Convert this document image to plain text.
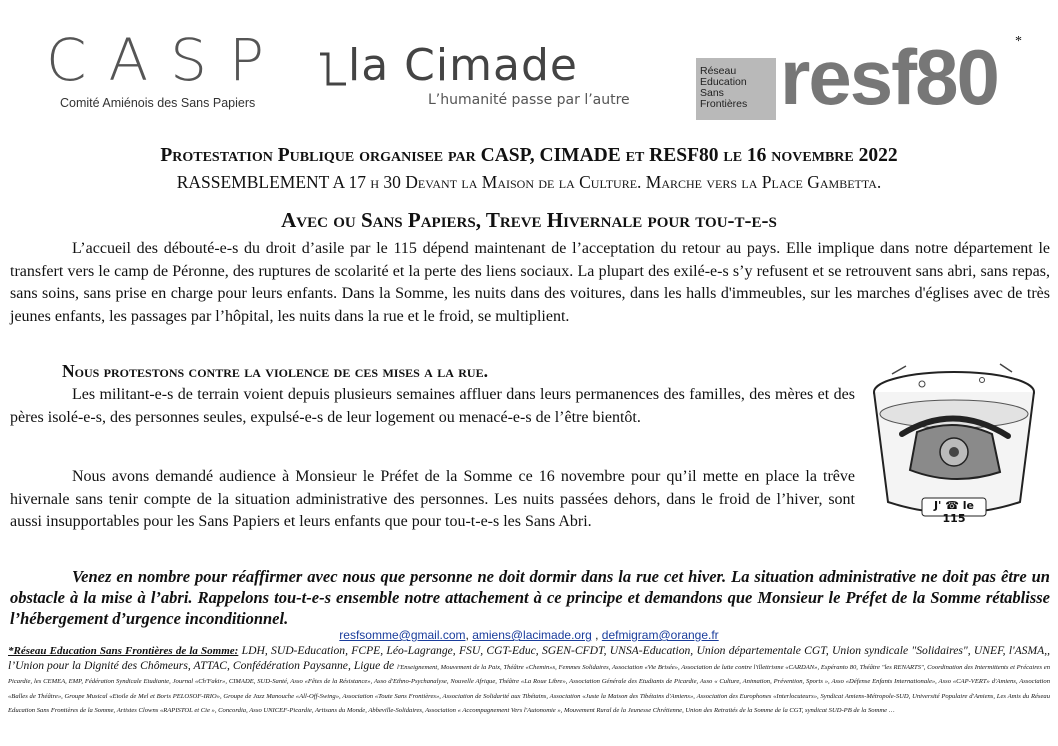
CASP
Comité Amiénois des Sans Papiers
la Cimade
L’humanité passe par l’autre
Réseau
Education
Sans
Frontières resf80 *
Protestation Publique organisee par CASP, CIMADE et RESF80 le 16 novembre 2022
RASSEMBLEMENT A 17 h 30 Devant la Maison de la Culture. Marche vers la Place Gambetta.
Avec ou Sans Papiers, Treve Hivernale pour tou-t-e-s
L’accueil des débouté-e-s du droit d’asile par le 115 dépend maintenant de l’acceptation du retour au pays. Elle implique dans notre département le transfert vers le camp de Péronne, des ruptures de scolarité et la perte des liens sociaux. La plupart des exilé-e-s s’y refusent et se retrouvent sans abri, sans repas, sans soins, sans prise en charge pour leurs enfants. Dans la Somme, les nuits dans des voitures, dans les halls d'immeubles, sur les marches d'églises avec de très jeunes enfants, les passages par l’hôpital, les nuits dans la rue et le froid, se multiplient.
Nous protestons contre la violence de ces mises a la rue.
Les militant-e-s de terrain voient depuis plusieurs semaines affluer dans leurs permanences des familles, des mères et des pères isolé-e-s, des personnes seules, expulsé-e-s de leur logement ou menacé-e-s de l’être bientôt.
Nous avons demandé audience à Monsieur le Préfet de la Somme ce 16 novembre pour qu’il mette en place la trêve hivernale sans tenir compte de la situation administrative des personnes. Les nuits passées dehors, dans le froid de l’hiver, sont aussi insupportables pour les Sans Papiers et leurs enfants que pour tou-t-e-s les Sans Abri.
J' ☎ le 115
Venez en nombre pour réaffirmer avec nous que personne ne doit dormir dans la rue cet hiver. La situation administrative ne doit pas être un obstacle à la mise à l’abri. Rappelons tou-t-e-s ensemble notre attachement à ce principe et demandons que Monsieur le Préfet de la Somme rétablisse l’hébergement d’urgence inconditionnel.
resfsomme@gmail.com, amiens@lacimade.org , defmigram@orange.fr
*Réseau Education Sans Frontières de la Somme: LDH, SUD-Education, FCPE, Léo-Lagrange, FSU, CGT-Educ, SGEN-CFDT, UNSA-Education, Union départementale CGT, Union syndicale "Solidaires", UNEF, l'ASMA,, l’Union pour la Dignité des Chômeurs, ATTAC, Confédération Paysanne, Ligue de l'Enseignement, Mouvement de la Paix, Théâtre «Chemin»s, Femmes Solidaires, Association «Vie Brisée», Association de lutte contre l'illettrisme «CARDAN», Espéranto 80, Théâtre "les RENARTS", Coordination des Intermittents et Précaires en Picardie, les CEMEA, EMP, Fédération Syndicale Etudiante, Journal «Ch'Fakir», CIMADE, SUD-Santé, Asso «Fêtes de la Résistance», Asso d'Ethno-Psychanalyse, Nouvelle Afrique, Théâtre «La Roue Libre», Association Générale des Etudiants de Picardie, Asso « Culture, Animation, Prévention, Sports », Asso «Défense Enfants Internationale», Asso «CAP-VERT» d'Amiens, Association «Balles de Théâtre», Groupe Musical «Etoile de Mel et Boris PELOSOF-IRIO», Groupe de Jazz Manouche «All-Off-Swing», Association «Toute Sans Frontières», Association de Solidarité aux Tibétains, Association «Juste la Maison des Tibétains d'Amiens», Association des Europhones «Interlocuteurs», Syndicat Amiens-Métropole-SUD, Université Populaire d'Amiens, Les Amis du Réseau Education Sans Frontières de la Somme, Artistes Clowns «RAPISTOL et Cie », Concordia, Asso UNICEF-Picardie, Artisans du Monde, Abbeville-Solidaires, Association « Accompagnement Vers l'Autonomie », Mouvement Rural de la Jeunesse Chrétienne, Union des Retraités de la Somme de la CGT, syndicat SUD-PB de la Somme …
